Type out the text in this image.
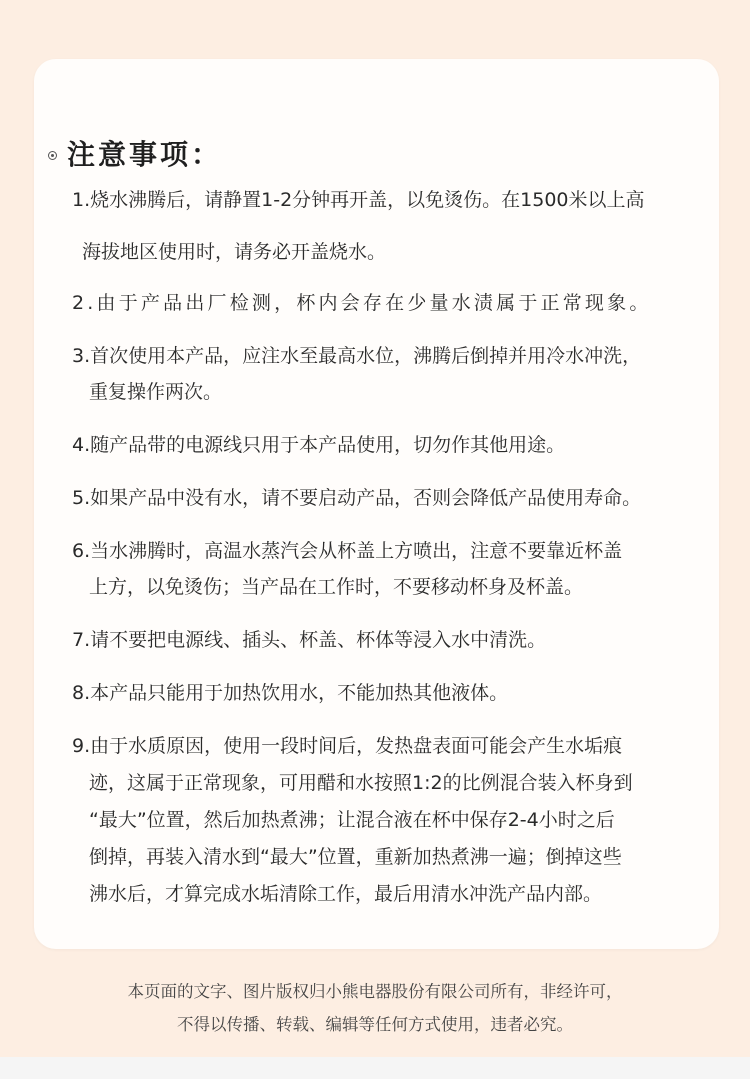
注意事项：
1.烧水沸腾后，请静置1-2分钟再开盖，以免烫伤。在1500米以上高
海拔地区使用时，请务必开盖烧水。
2.由于产品出厂检测，杯内会存在少量水渍属于正常现象。
3.首次使用本产品，应注水至最高水位，沸腾后倒掉并用冷水冲洗，
重复操作两次。
4.随产品带的电源线只用于本产品使用，切勿作其他用途。
5.如果产品中没有水，请不要启动产品，否则会降低产品使用寿命。
6.当水沸腾时，高温水蒸汽会从杯盖上方喷出，注意不要靠近杯盖
上方，以免烫伤；当产品在工作时，不要移动杯身及杯盖。
7.请不要把电源线、插头、杯盖、杯体等浸入水中清洗。
8.本产品只能用于加热饮用水，不能加热其他液体。
9.由于水质原因，使用一段时间后，发热盘表面可能会产生水垢痕
迹，这属于正常现象，可用醋和水按照1:2的比例混合装入杯身到
“最大”位置，然后加热煮沸；让混合液在杯中保存2-4小时之后
倒掉，再装入清水到“最大”位置，重新加热煮沸一遍；倒掉这些
沸水后，才算完成水垢清除工作，最后用清水冲洗产品内部。
本页面的文字、图片版权归小熊电器股份有限公司所有，非经许可，
不得以传播、转载、编辑等任何方式使用，违者必究。
